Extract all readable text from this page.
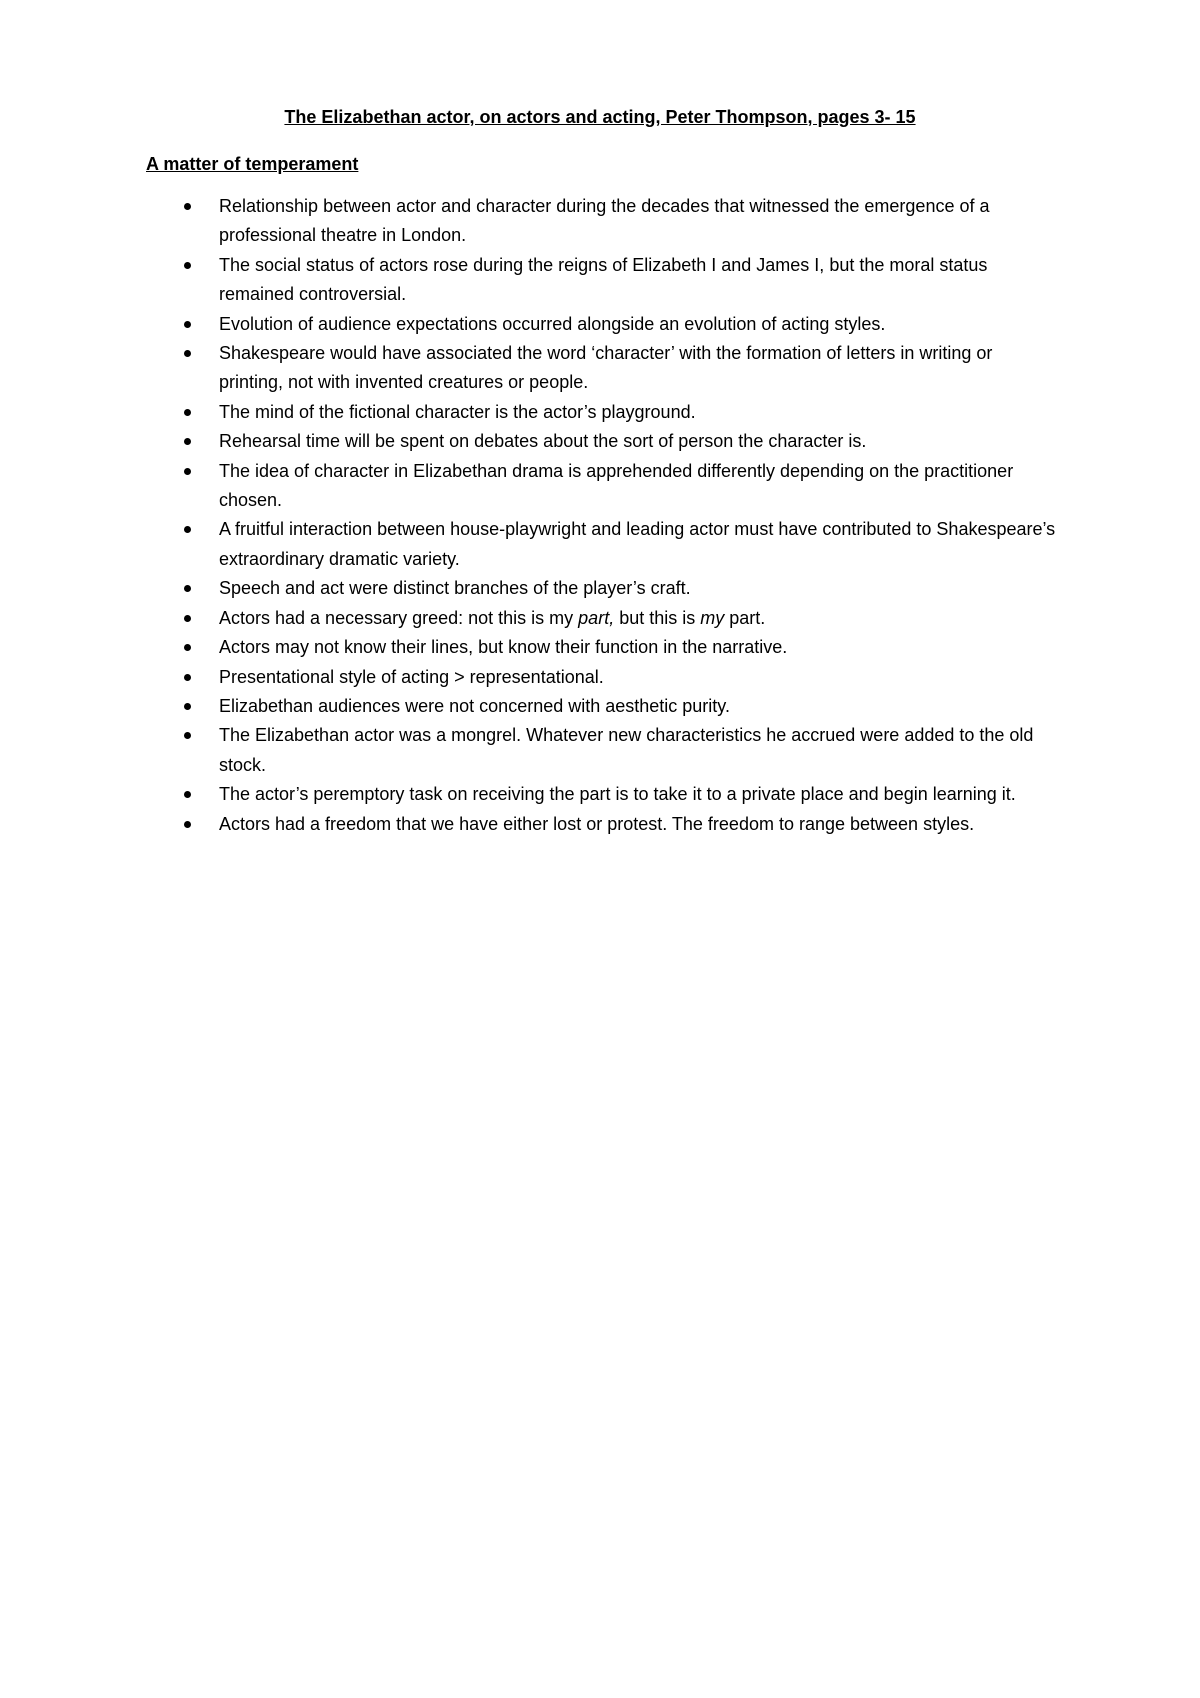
The Elizabethan actor, on actors and acting, Peter Thompson, pages 3- 15
A matter of temperament
Relationship between actor and character during the decades that witnessed the emergence of a professional theatre in London.
The social status of actors rose during the reigns of Elizabeth I and James I, but the moral status remained controversial.
Evolution of audience expectations occurred alongside an evolution of acting styles.
Shakespeare would have associated the word ‘character’ with the formation of letters in writing or printing, not with invented creatures or people.
The mind of the fictional character is the actor’s playground.
Rehearsal time will be spent on debates about the sort of person the character is.
The idea of character in Elizabethan drama is apprehended differently depending on the practitioner chosen.
A fruitful interaction between house-playwright and leading actor must have contributed to Shakespeare’s extraordinary dramatic variety.
Speech and act were distinct branches of the player’s craft.
Actors had a necessary greed: not this is my part, but this is my part.
Actors may not know their lines, but know their function in the narrative.
Presentational style of acting > representational.
Elizabethan audiences were not concerned with aesthetic purity.
The Elizabethan actor was a mongrel. Whatever new characteristics he accrued were added to the old stock.
The actor’s peremptory task on receiving the part is to take it to a private place and begin learning it.
Actors had a freedom that we have either lost or protest. The freedom to range between styles.
